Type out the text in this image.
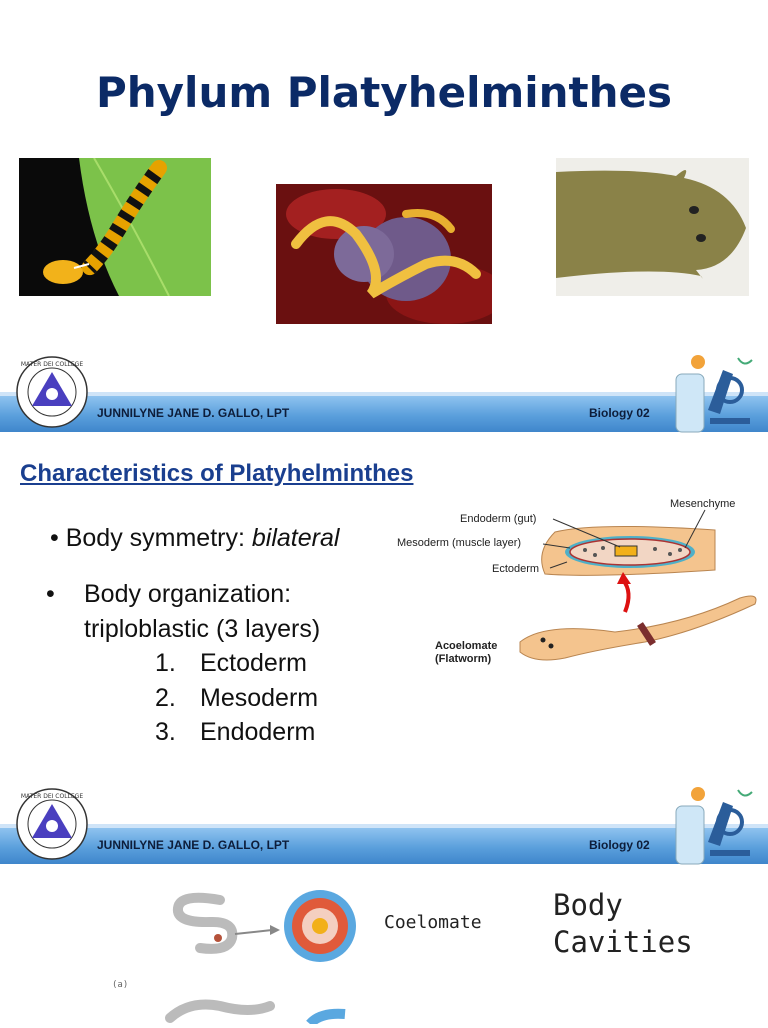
Phylum Platyhelminthes
JUNNILYNE JANE D. GALLO, LPT	Biology 02
MATER DEI COLLEGE
Characteristics of Platyhelminthes
• Body symmetry: bilateral
• Body organization:
triploblastic (3 layers)
1. Ectoderm
2. Mesoderm
3. Endoderm
Mesenchyme
Endoderm (gut)
Mesoderm (muscle layer)
Ectoderm
Acoelomate
(Flatworm)
JUNNILYNE JANE D. GALLO, LPT	Biology 02
MATER DEI COLLEGE
Coelomate
Body
Cavities
(a)
